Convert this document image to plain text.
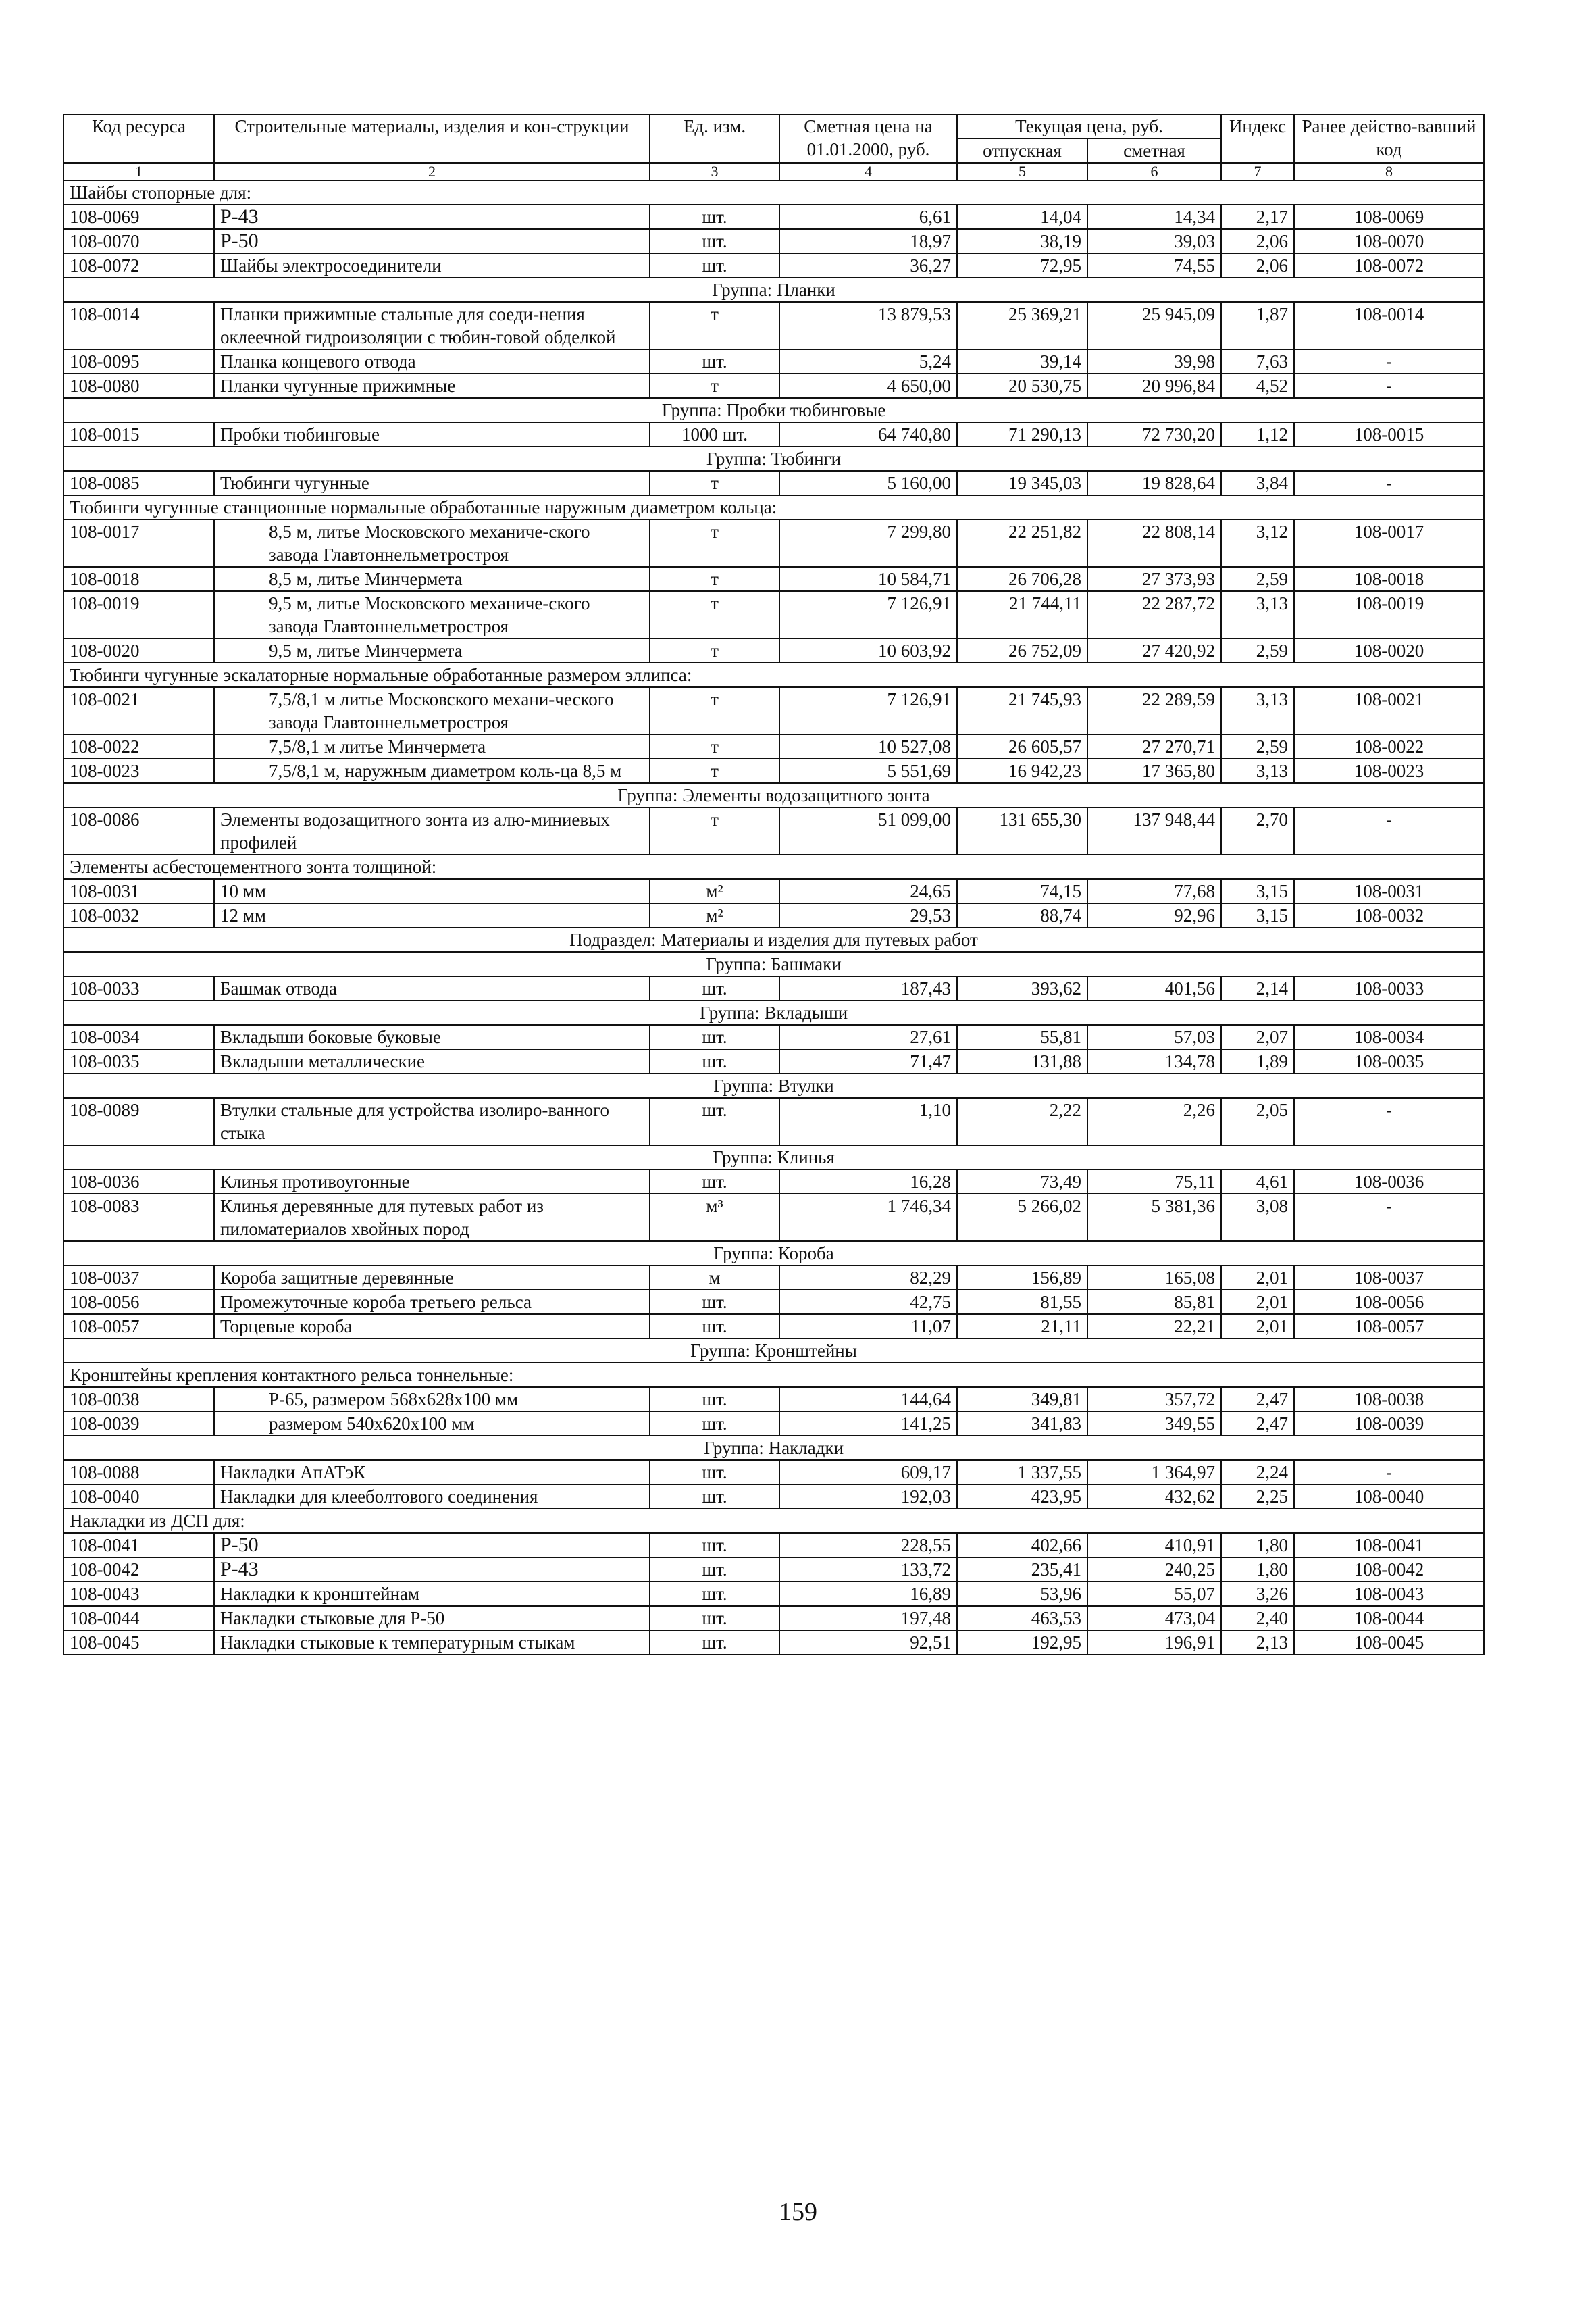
Код ресурса	Строительные материалы, изделия и кон-струкции	Ед. изм.	Сметная цена на 01.01.2000, руб.	Текущая цена, руб.		Индекс	Ранее действо-вавший код
				отпускная	сметная		
1	2	3	4	5	6	7	8
Шайбы стопорные для:							
108-0069	Р-43	шт.	6,61	14,04	14,34	2,17	108-0069
108-0070	Р-50	шт.	18,97	38,19	39,03	2,06	108-0070
108-0072	Шайбы электросоединители	шт.	36,27	72,95	74,55	2,06	108-0072
Группа: Планки							
108-0014	Планки прижимные стальные для соеди-нения оклеечной гидроизоляции с тюбин-говой обделкой	т	13 879,53	25 369,21	25 945,09	1,87	108-0014
108-0095	Планка концевого отвода	шт.	5,24	39,14	39,98	7,63	-
108-0080	Планки чугунные прижимные	т	4 650,00	20 530,75	20 996,84	4,52	-
Группа: Пробки тюбинговые							
108-0015	Пробки тюбинговые	1000 шт.	64 740,80	71 290,13	72 730,20	1,12	108-0015
Группа: Тюбинги							
108-0085	Тюбинги чугунные	т	5 160,00	19 345,03	19 828,64	3,84	-
Тюбинги чугунные станционные нормальные обработанные наружным диаметром кольца:							
108-0017	8,5 м, литье Московского механиче-ского завода Главтоннельметростроя	т	7 299,80	22 251,82	22 808,14	3,12	108-0017
108-0018	8,5 м, литье Минчермета	т	10 584,71	26 706,28	27 373,93	2,59	108-0018
108-0019	9,5 м, литье Московского механиче-ского завода Главтоннельметростроя	т	7 126,91	21 744,11	22 287,72	3,13	108-0019
108-0020	9,5 м, литье Минчермета	т	10 603,92	26 752,09	27 420,92	2,59	108-0020
Тюбинги чугунные эскалаторные нормальные обработанные размером эллипса:							
108-0021	7,5/8,1 м литье Московского механи-ческого завода Главтоннельметростроя	т	7 126,91	21 745,93	22 289,59	3,13	108-0021
108-0022	7,5/8,1 м литье Минчермета	т	10 527,08	26 605,57	27 270,71	2,59	108-0022
108-0023	7,5/8,1 м, наружным диаметром коль-ца 8,5 м	т	5 551,69	16 942,23	17 365,80	3,13	108-0023
Группа: Элементы водозащитного зонта							
108-0086	Элементы водозащитного зонта из алю-миниевых профилей	т	51 099,00	131 655,30	137 948,44	2,70	-
Элементы асбестоцементного зонта толщиной:							
108-0031	10 мм	м²	24,65	74,15	77,68	3,15	108-0031
108-0032	12 мм	м²	29,53	88,74	92,96	3,15	108-0032
Подраздел: Материалы и изделия для путевых работ							
Группа: Башмаки							
108-0033	Башмак отвода	шт.	187,43	393,62	401,56	2,14	108-0033
Группа: Вкладыши							
108-0034	Вкладыши боковые буковые	шт.	27,61	55,81	57,03	2,07	108-0034
108-0035	Вкладыши металлические	шт.	71,47	131,88	134,78	1,89	108-0035
Группа: Втулки							
108-0089	Втулки стальные для устройства изолиро-ванного стыка	шт.	1,10	2,22	2,26	2,05	-
Группа: Клинья							
108-0036	Клинья противоугонные	шт.	16,28	73,49	75,11	4,61	108-0036
108-0083	Клинья деревянные для путевых работ из пиломатериалов хвойных пород	м³	1 746,34	5 266,02	5 381,36	3,08	-
Группа: Короба							
108-0037	Короба защитные деревянные	м	82,29	156,89	165,08	2,01	108-0037
108-0056	Промежуточные короба третьего рельса	шт.	42,75	81,55	85,81	2,01	108-0056
108-0057	Торцевые короба	шт.	11,07	21,11	22,21	2,01	108-0057
Группа: Кронштейны							
Кронштейны крепления контактного рельса тоннельные:							
108-0038	Р-65, размером 568х628х100 мм	шт.	144,64	349,81	357,72	2,47	108-0038
108-0039	размером 540х620х100 мм	шт.	141,25	341,83	349,55	2,47	108-0039
Группа: Накладки							
108-0088	Накладки АпАТэК	шт.	609,17	1 337,55	1 364,97	2,24	-
108-0040	Накладки для клееболтового соединения	шт.	192,03	423,95	432,62	2,25	108-0040
Накладки из ДСП для:							
108-0041	Р-50	шт.	228,55	402,66	410,91	1,80	108-0041
108-0042	Р-43	шт.	133,72	235,41	240,25	1,80	108-0042
108-0043	Накладки к кронштейнам	шт.	16,89	53,96	55,07	3,26	108-0043
108-0044	Накладки стыковые для Р-50	шт.	197,48	463,53	473,04	2,40	108-0044
108-0045	Накладки стыковые к температурным стыкам	шт.	92,51	192,95	196,91	2,13	108-0045
159
